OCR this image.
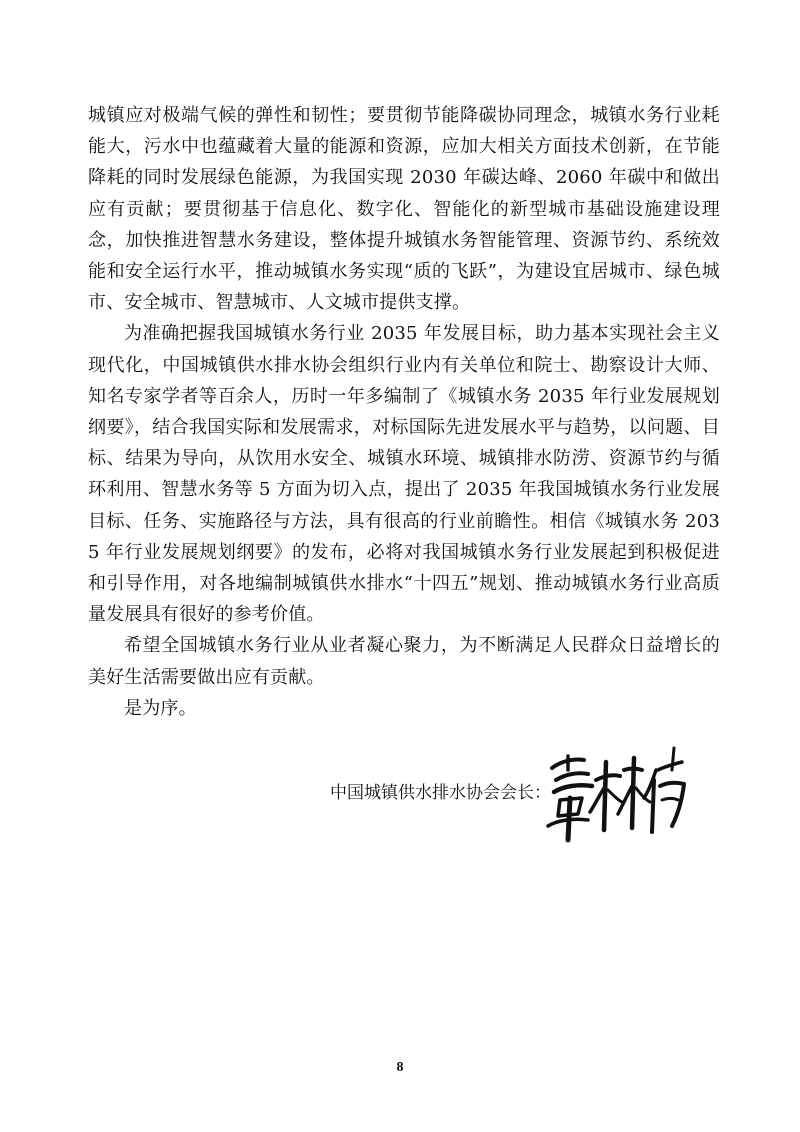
城镇应对极端气候的弹性和韧性；要贯彻节能降碳协同理念，城镇水务行业耗能大，污水中也蕴藏着大量的能源和资源，应加大相关方面技术创新，在节能降耗的同时发展绿色能源，为我国实现 2030 年碳达峰、2060 年碳中和做出应有贡献；要贯彻基于信息化、数字化、智能化的新型城市基础设施建设理念，加快推进智慧水务建设，整体提升城镇水务智能管理、资源节约、系统效能和安全运行水平，推动城镇水务实现“质的飞跃”，为建设宜居城市、绿色城市、安全城市、智慧城市、人文城市提供支撑。

为准确把握我国城镇水务行业 2035 年发展目标，助力基本实现社会主义现代化，中国城镇供水排水协会组织行业内有关单位和院士、勘察设计大师、知名专家学者等百余人，历时一年多编制了《城镇水务 2035 年行业发展规划纲要》，结合我国实际和发展需求，对标国际先进发展水平与趋势，以问题、目标、结果为导向，从饮用水安全、城镇水环境、城镇排水防涝、资源节约与循环利用、智慧水务等 5 方面为切入点，提出了 2035 年我国城镇水务行业发展目标、任务、实施路径与方法，具有很高的行业前瞻性。相信《城镇水务 2035 年行业发展规划纲要》的发布，必将对我国城镇水务行业发展起到积极促进和引导作用，对各地编制城镇供水排水“十四五”规划、推动城镇水务行业高质量发展具有很好的参考价值。

希望全国城镇水务行业从业者凝心聚力，为不断满足人民群众日益增长的美好生活需要做出应有贡献。

是为序。

中国城镇供水排水协会会长：
8
